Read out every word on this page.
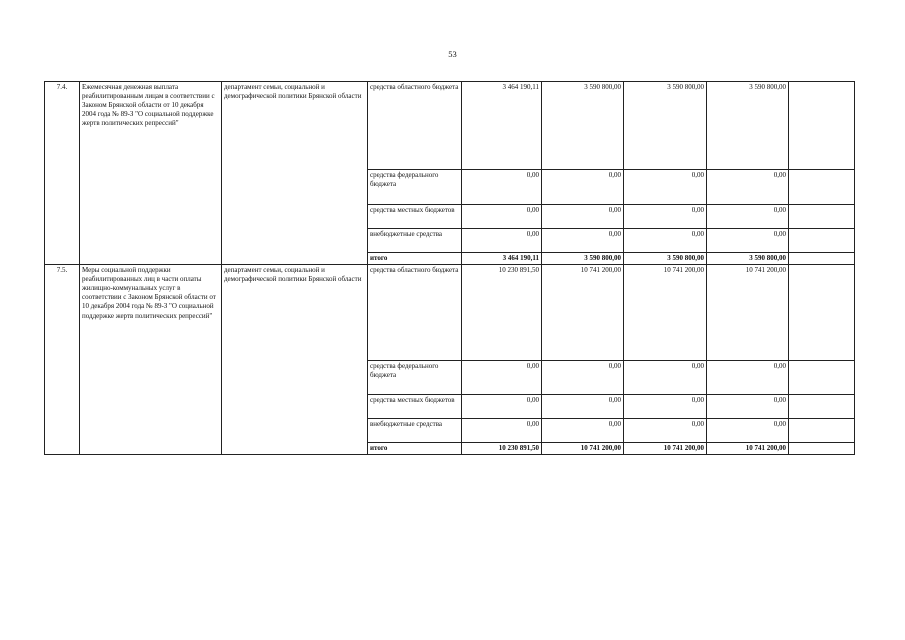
53
7.4.	Ежемесячная денежная выплата реабилитированным лицам в соответствии с Законом Брянской области от 10 декабря 2004 года № 89-З "О социальной поддержке жертв политических репрессий"	департамент семьи, социальной и демографической политики Брянской области	средства областного бюджета	3 464 190,11	3 590 800,00	3 590 800,00	3 590 800,00	
			средства федерального бюджета	0,00	0,00	0,00	0,00	
			средства местных бюджетов	0,00	0,00	0,00	0,00	
			внебюджетные средства	0,00	0,00	0,00	0,00	
			итого	3 464 190,11	3 590 800,00	3 590 800,00	3 590 800,00	
7.5.	Меры социальной поддержки реабилитированных лиц в части оплаты жилищно-коммунальных услуг в соответствии с Законом Брянской области от 10 декабря 2004 года № 89-З "О социальной поддержке жертв политических репрессий"	департамент семьи, социальной и демографической политики Брянской области	средства областного бюджета	10 230 891,50	10 741 200,00	10 741 200,00	10 741 200,00	
			средства федерального бюджета	0,00	0,00	0,00	0,00	
			средства местных бюджетов	0,00	0,00	0,00	0,00	
			внебюджетные средства	0,00	0,00	0,00	0,00	
			итого	10 230 891,50	10 741 200,00	10 741 200,00	10 741 200,00	
